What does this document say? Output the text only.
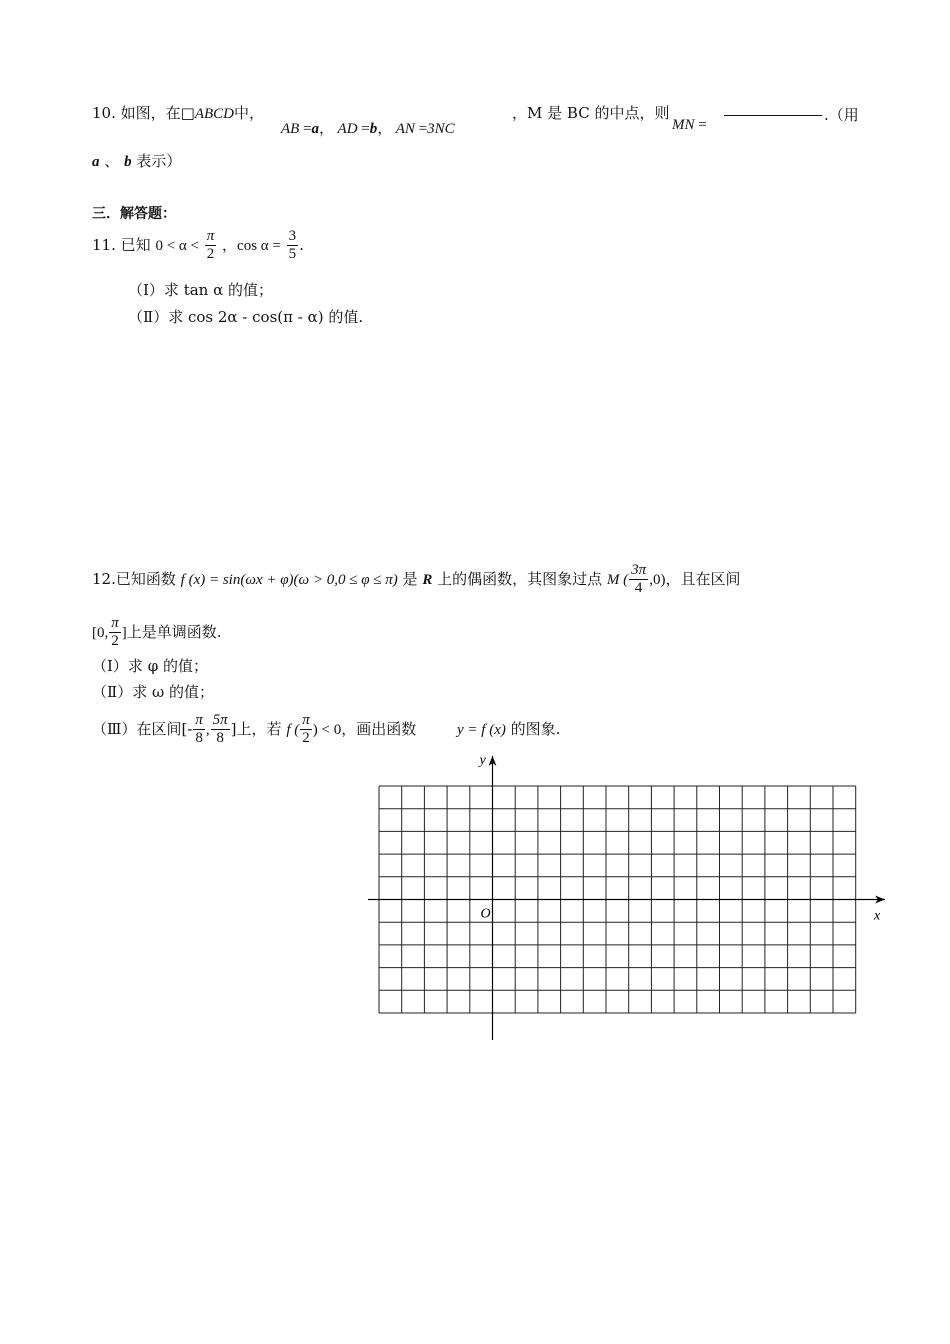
10. 如图，在□ABCD中，
AB =a， AD =b， AN =3NC
，M 是 BC 的中点，则
MN =
.（用
a 、 b 表示）
三．解答题：
11. 已知 $0 < \alpha < \frac{\pi}{2}$ ，$\cos \alpha = \frac{3}{5}$ .
（Ⅰ）求 tan α 的值；
（Ⅱ）求 cos 2α - cos(π - α) 的值.
12.已知函数 f (x) = sin(ωx + φ)(ω > 0,0 ≤ φ ≤ π) 是 R 上的偶函数，其图象过点 M ( $\frac{3\pi}{4} ,0$)，且在区间
[0, $\frac{\pi}{2}$ ]上是单调函数.
（Ⅰ）求 φ 的值；
（Ⅱ）求 ω 的值；
（Ⅲ）在区间[- $\frac{\pi}{8}$ , $\frac{5\pi}{8}$ ]上，若 f ( $\frac{\pi}{2}$ ) < 0，画出函数	y = f (x) 的图象.
x
y
O
